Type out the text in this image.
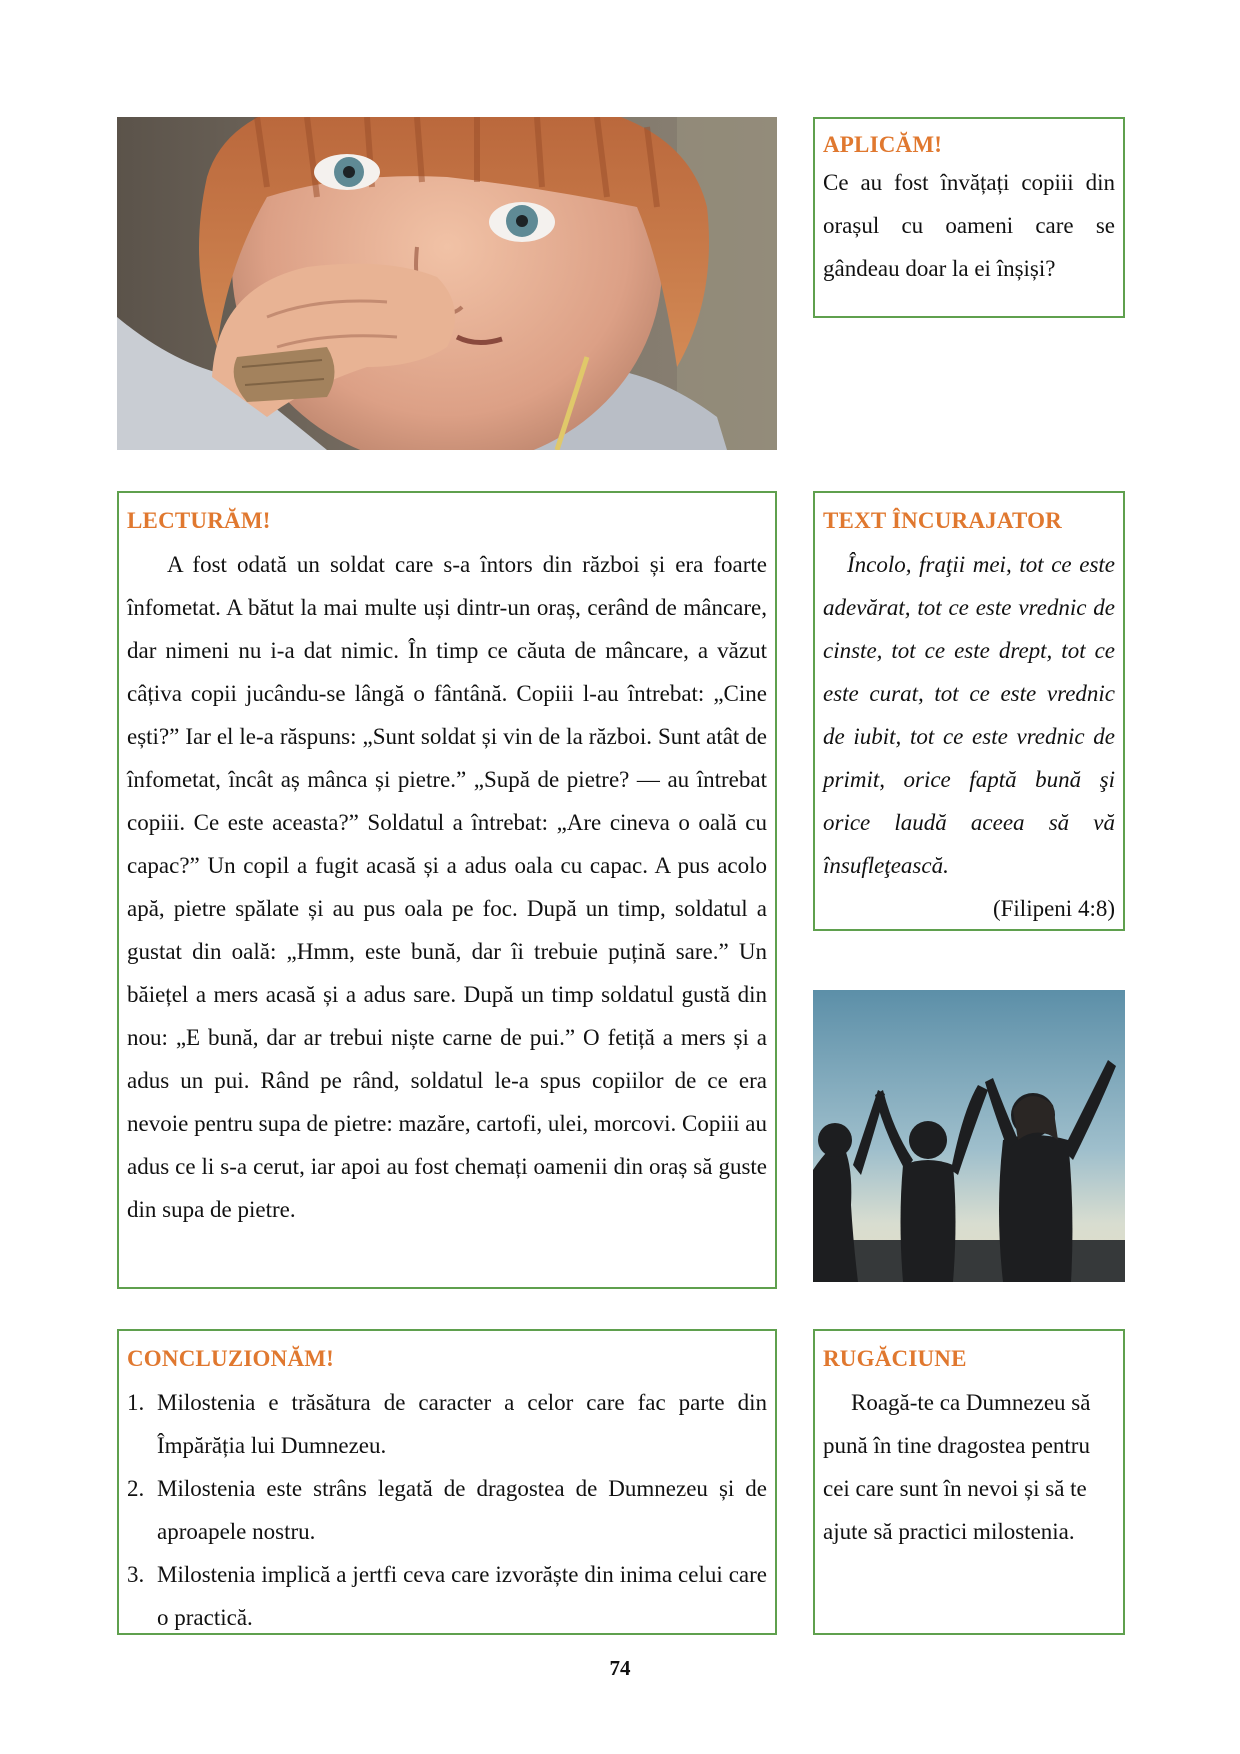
APLICĂM!

Ce au fost învățați copiii din orașul cu oameni care se gândeau doar la ei înșiși?

LECTURĂM!

A fost odată un soldat care s-a întors din război și era foarte înfometat. A bătut la mai multe uși dintr-un oraș, cerând de mâncare, dar nimeni nu i-a dat nimic. În timp ce căuta de mâncare, a văzut câțiva copii jucându-se lângă o fântână. Copiii l-au întrebat: „Cine ești?” Iar el le-a răspuns: „Sunt soldat și vin de la război. Sunt atât de înfometat, încât aș mânca și pietre.” „Supă de pietre? — au întrebat copiii. Ce este aceasta?” Soldatul a întrebat: „Are cineva o oală cu capac?” Un copil a fugit acasă și a adus oala cu capac. A pus acolo apă, pietre spălate și au pus oala pe foc. După un timp, soldatul a gustat din oală: „Hmm, este bună, dar îi trebuie puțină sare.” Un băiețel a mers acasă și a adus sare. După un timp soldatul gustă din nou: „E bună, dar ar trebui niște carne de pui.” O fetiță a mers și a adus un pui. Rând pe rând, soldatul le-a spus copiilor de ce era nevoie pentru supa de pietre: mazăre, cartofi, ulei, morcovi. Copiii au adus ce li s-a cerut, iar apoi au fost chemați oamenii din oraș să guste din supa de pietre.

TEXT ÎNCURAJATOR

Încolo, fraţii mei, tot ce este adevărat, tot ce este vrednic de cinste, tot ce este drept, tot ce este curat, tot ce este vrednic de iubit, tot ce este vrednic de primit, orice faptă bună şi orice laudă aceea să vă însufleţească.

(Filipeni 4:8)

CONCLUZIONĂM!
1. Milostenia e trăsătura de caracter a celor care fac parte din Împărăția lui Dumnezeu.
2. Milostenia este strâns legată de dragostea de Dumnezeu și de aproapele nostru.
3. Milostenia implică a jertfi ceva care izvorăște din inima celui care o practică.
RUGĂCIUNE

Roagă-te ca Dumnezeu să pună în tine dragostea pentru cei care sunt în nevoi și să te ajute să practici milostenia.

74
